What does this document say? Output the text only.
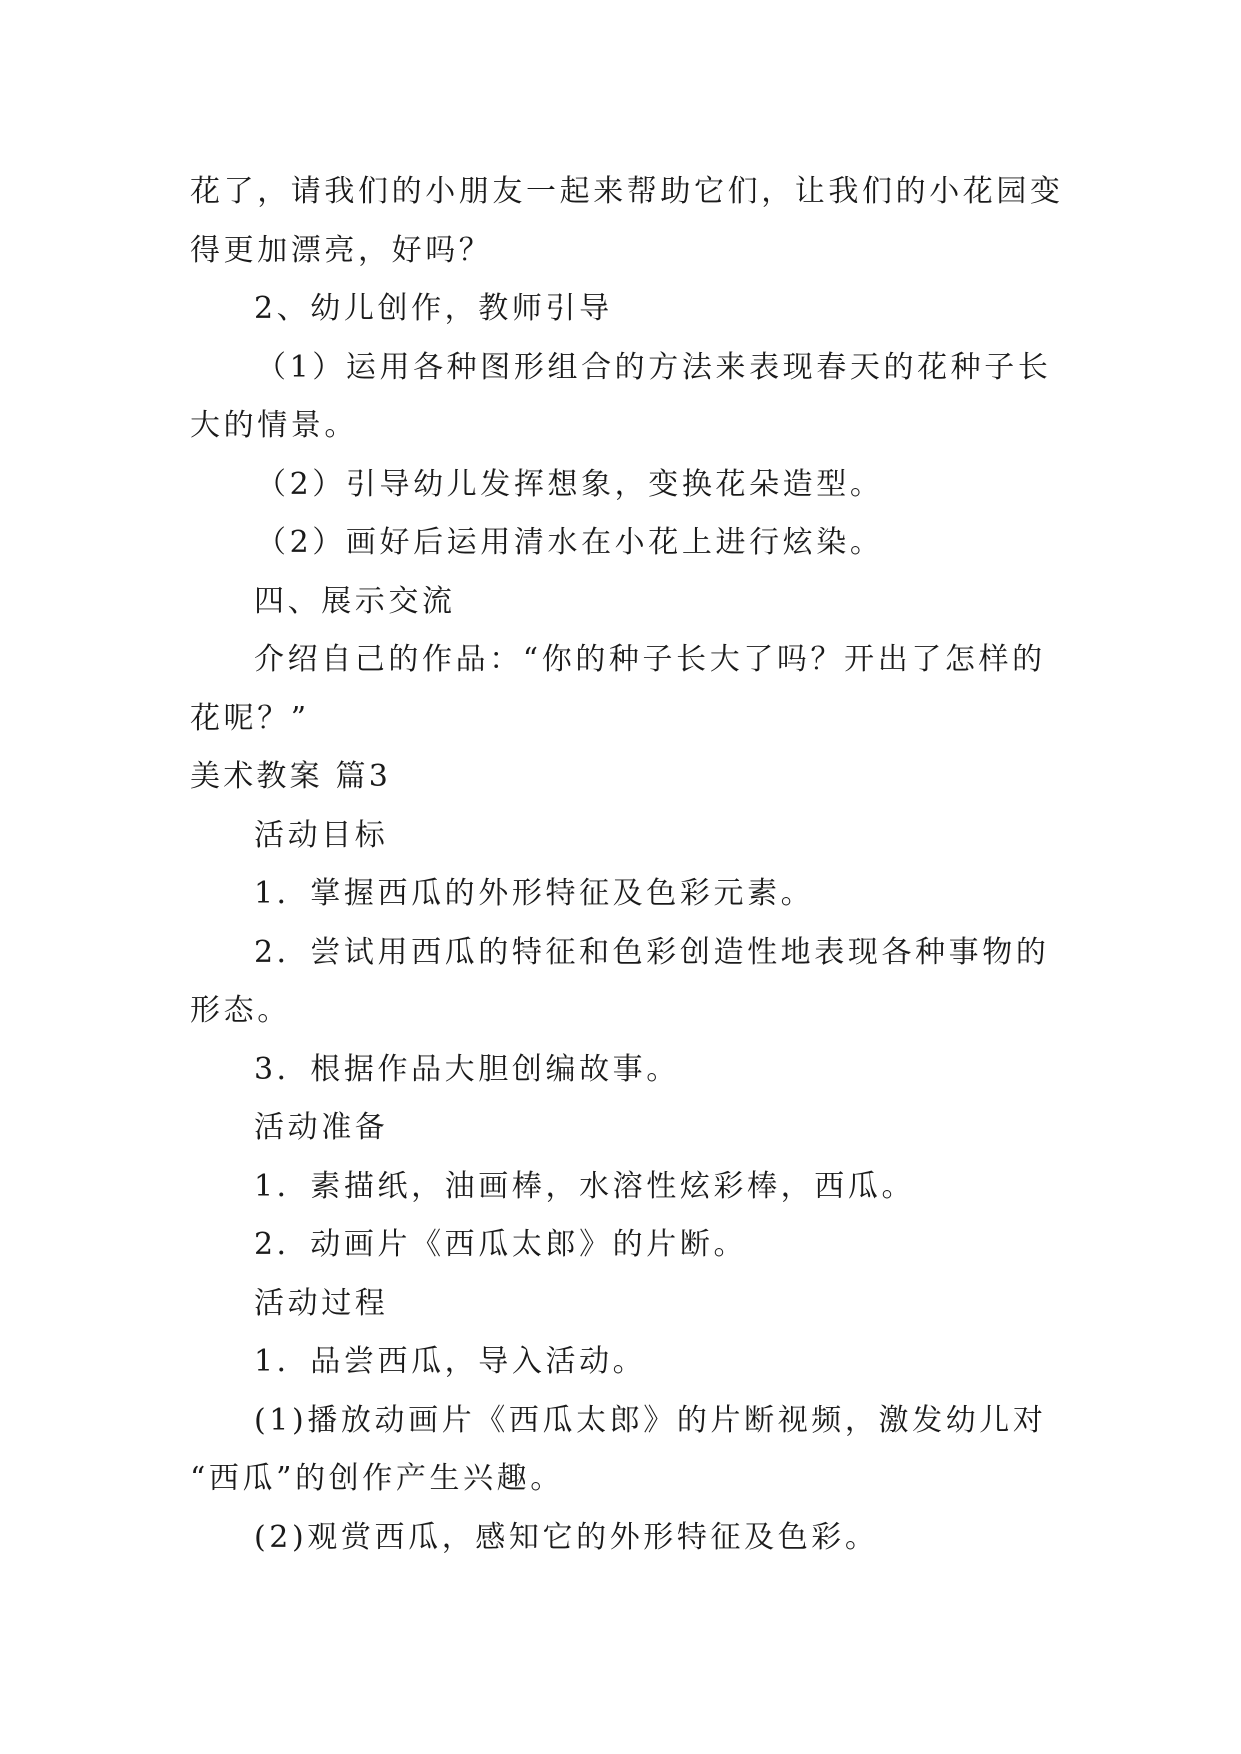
花了，请我们的小朋友一起来帮助它们，让我们的小花园变
得更加漂亮，好吗？
2、幼儿创作，教师引导
（1）运用各种图形组合的方法来表现春天的花种子长
大的情景。
（2）引导幼儿发挥想象，变换花朵造型。
（2）画好后运用清水在小花上进行炫染。
四、展示交流
介绍自己的作品：“你的种子长大了吗？开出了怎样的
花呢？”
美术教案 篇3
活动目标
1．掌握西瓜的外形特征及色彩元素。
2．尝试用西瓜的特征和色彩创造性地表现各种事物的
形态。
3．根据作品大胆创编故事。
活动准备
1．素描纸，油画棒，水溶性炫彩棒，西瓜。
2．动画片《西瓜太郎》的片断。
活动过程
1．品尝西瓜，导入活动。
(1)播放动画片《西瓜太郎》的片断视频，激发幼儿对
“西瓜”的创作产生兴趣。
(2)观赏西瓜，感知它的外形特征及色彩。
